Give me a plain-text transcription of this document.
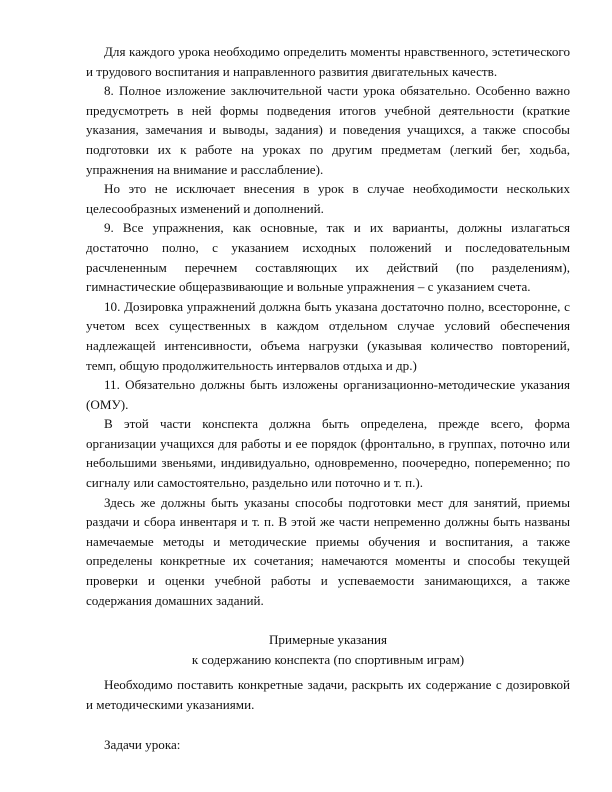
Для каждого урока необходимо определить моменты нравственного, эстетического и трудового воспитания и направленного развития двигательных качеств.

8. Полное изложение заключительной части урока обязательно. Особенно важно предусмотреть в ней формы подведения итогов учебной деятельности (краткие указания, замечания и выводы, задания) и поведения учащихся, а также способы подготовки их к работе на уроках по другим предметам (легкий бег, ходьба, упражнения на внимание и расслабление).

Но это не исключает внесения в урок в случае необходимости нескольких целесообразных изменений и дополнений.

9. Все упражнения, как основные, так и их варианты, должны излагаться достаточно полно, с указанием исходных положений и последовательным расчлененным перечнем составляющих их действий (по разделениям), гимнастические общеразвивающие и вольные упражнения – с указанием счета.

10. Дозировка упражнений должна быть указана достаточно полно, всесторонне, с учетом всех существенных в каждом отдельном случае условий обеспечения надлежащей интенсивности, объема нагрузки (указывая количество повторений, темп, общую продолжительность интервалов отдыха и др.)

11. Обязательно должны быть изложены организационно-методические указания (ОМУ).

В этой части конспекта должна быть определена, прежде всего, форма организации учащихся для работы и ее порядок (фронтально, в группах, поточно или небольшими звеньями, индивидуально, одновременно, поочередно, попеременно; по сигналу или самостоятельно, раздельно или поточно и т. п.).

Здесь же должны быть указаны способы подготовки мест для занятий, приемы раздачи и сбора инвентаря и т. п. В этой же части непременно должны быть названы намечаемые методы и методические приемы обучения и воспитания, а также определены конкретные их сочетания; намечаются моменты и способы текущей проверки и оценки учебной работы и успеваемости занимающихся, а также содержания домашних заданий.

Примерные указания

к содержанию конспекта (по спортивным играм)

Необходимо поставить конкретные задачи, раскрыть их содержание с дозировкой и методическими указаниями.

Задачи урока:
